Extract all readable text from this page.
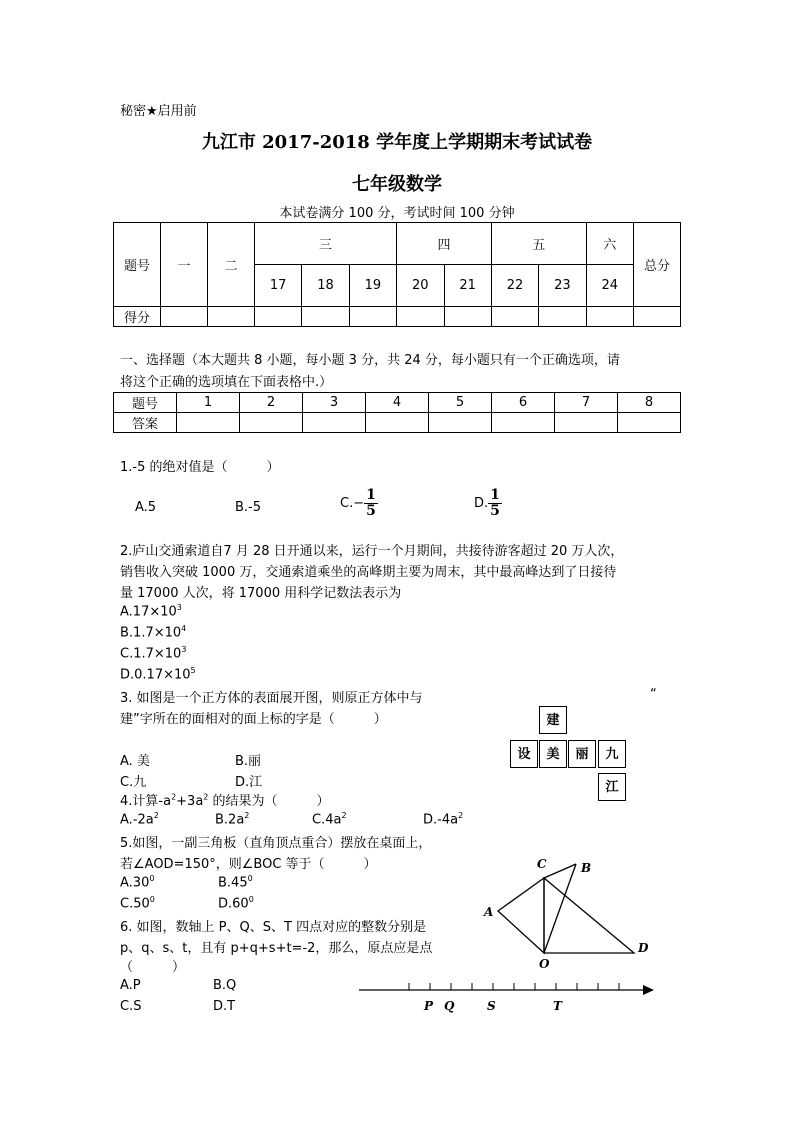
秘密★启用前
九江市 2017-2018 学年度上学期期末考试试卷
七年级数学
本试卷满分 100 分，考试时间 100 分钟
题号	一	二	三			四		五		六	总分
			17	18	19	20	21	22	23	24	
得分											
一、选择题（本大题共 8 小题，每小题 3 分，共 24 分，每小题只有一个正确选项，请
将这个正确的选项填在下面表格中.）
题号	1	2	3	4	5	6	7	8
答案								
1.-5 的绝对值是（　　　）
A.5	B.-5	$C.- \frac{1}{5}$	D. $\frac{1}{5}$
2.庐山交通索道自7 月 28 日开通以来，运行一个月期间，共接待游客超过 20 万人次，
销售收入突破 1000 万，交通索道乘坐的高峰期主要为周末，其中最高峰达到了日接待
量 17000 人次，将 17000 用科学记数法表示为
$A.17\times 10^3$
$B.1.7\times 10^4$
$C.1.7\times 10^3$
$D.0.17\times 10^5$
3. 如图是一个正方体的表面展开图，则原正方体中与	“
建”字所在的面相对的面上标的字是（　　　）
A. 美	B.丽
C.九	D.江
建
设	美	丽	九
江
4.计算$-a^2+3a^2$ 的结果为（　　　）
$A.-2a^2$	$B.2a^2$	$C.4a^2$	$D.-4a^2$
5.如图，一副三角板（直角顶点重合）摆放在桌面上，
若∠AOD=150°，则∠BOC 等于（　　　）
$A.30^0$	$B.45^0$
$C.50^0$	$D.60^0$
A
C	B
D
O
6. 如图，数轴上 P、Q、S、T 四点对应的整数分别是
p、q、s、t，且有 p+q+s+t=-2，那么，原点应是点
（　　　）
A.P	B.Q
C.S	D.T	P Q	S	T
